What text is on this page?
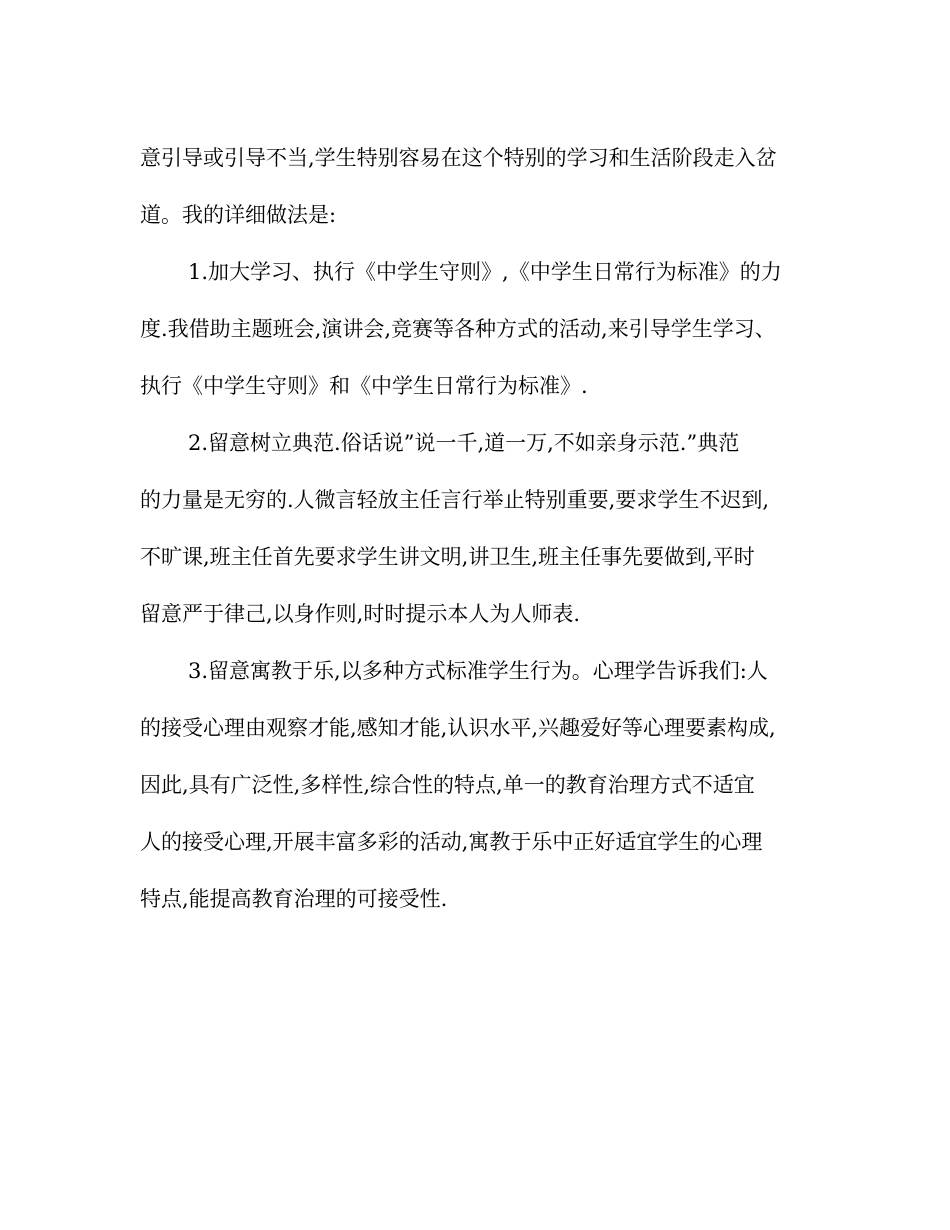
意引导或引导不当,学生特别容易在这个特别的学习和生活阶段走入岔
道。我的详细做法是:
1.加大学习、执行《中学生守则》,《中学生日常行为标准》的力
度.我借助主题班会,演讲会,竞赛等各种方式的活动,来引导学生学习、
执行《中学生守则》和《中学生日常行为标准》.
2.留意树立典范.俗话说”说一千,道一万,不如亲身示范.”典范
的力量是无穷的.人微言轻放主任言行举止特别重要,要求学生不迟到,
不旷课,班主任首先要求学生讲文明,讲卫生,班主任事先要做到,平时
留意严于律己,以身作则,时时提示本人为人师表.
3.留意寓教于乐,以多种方式标准学生行为。心理学告诉我们:人
的接受心理由观察才能,感知才能,认识水平,兴趣爱好等心理要素构成,
因此,具有广泛性,多样性,综合性的特点,单一的教育治理方式不适宜
人的接受心理,开展丰富多彩的活动,寓教于乐中正好适宜学生的心理
特点,能提高教育治理的可接受性.
